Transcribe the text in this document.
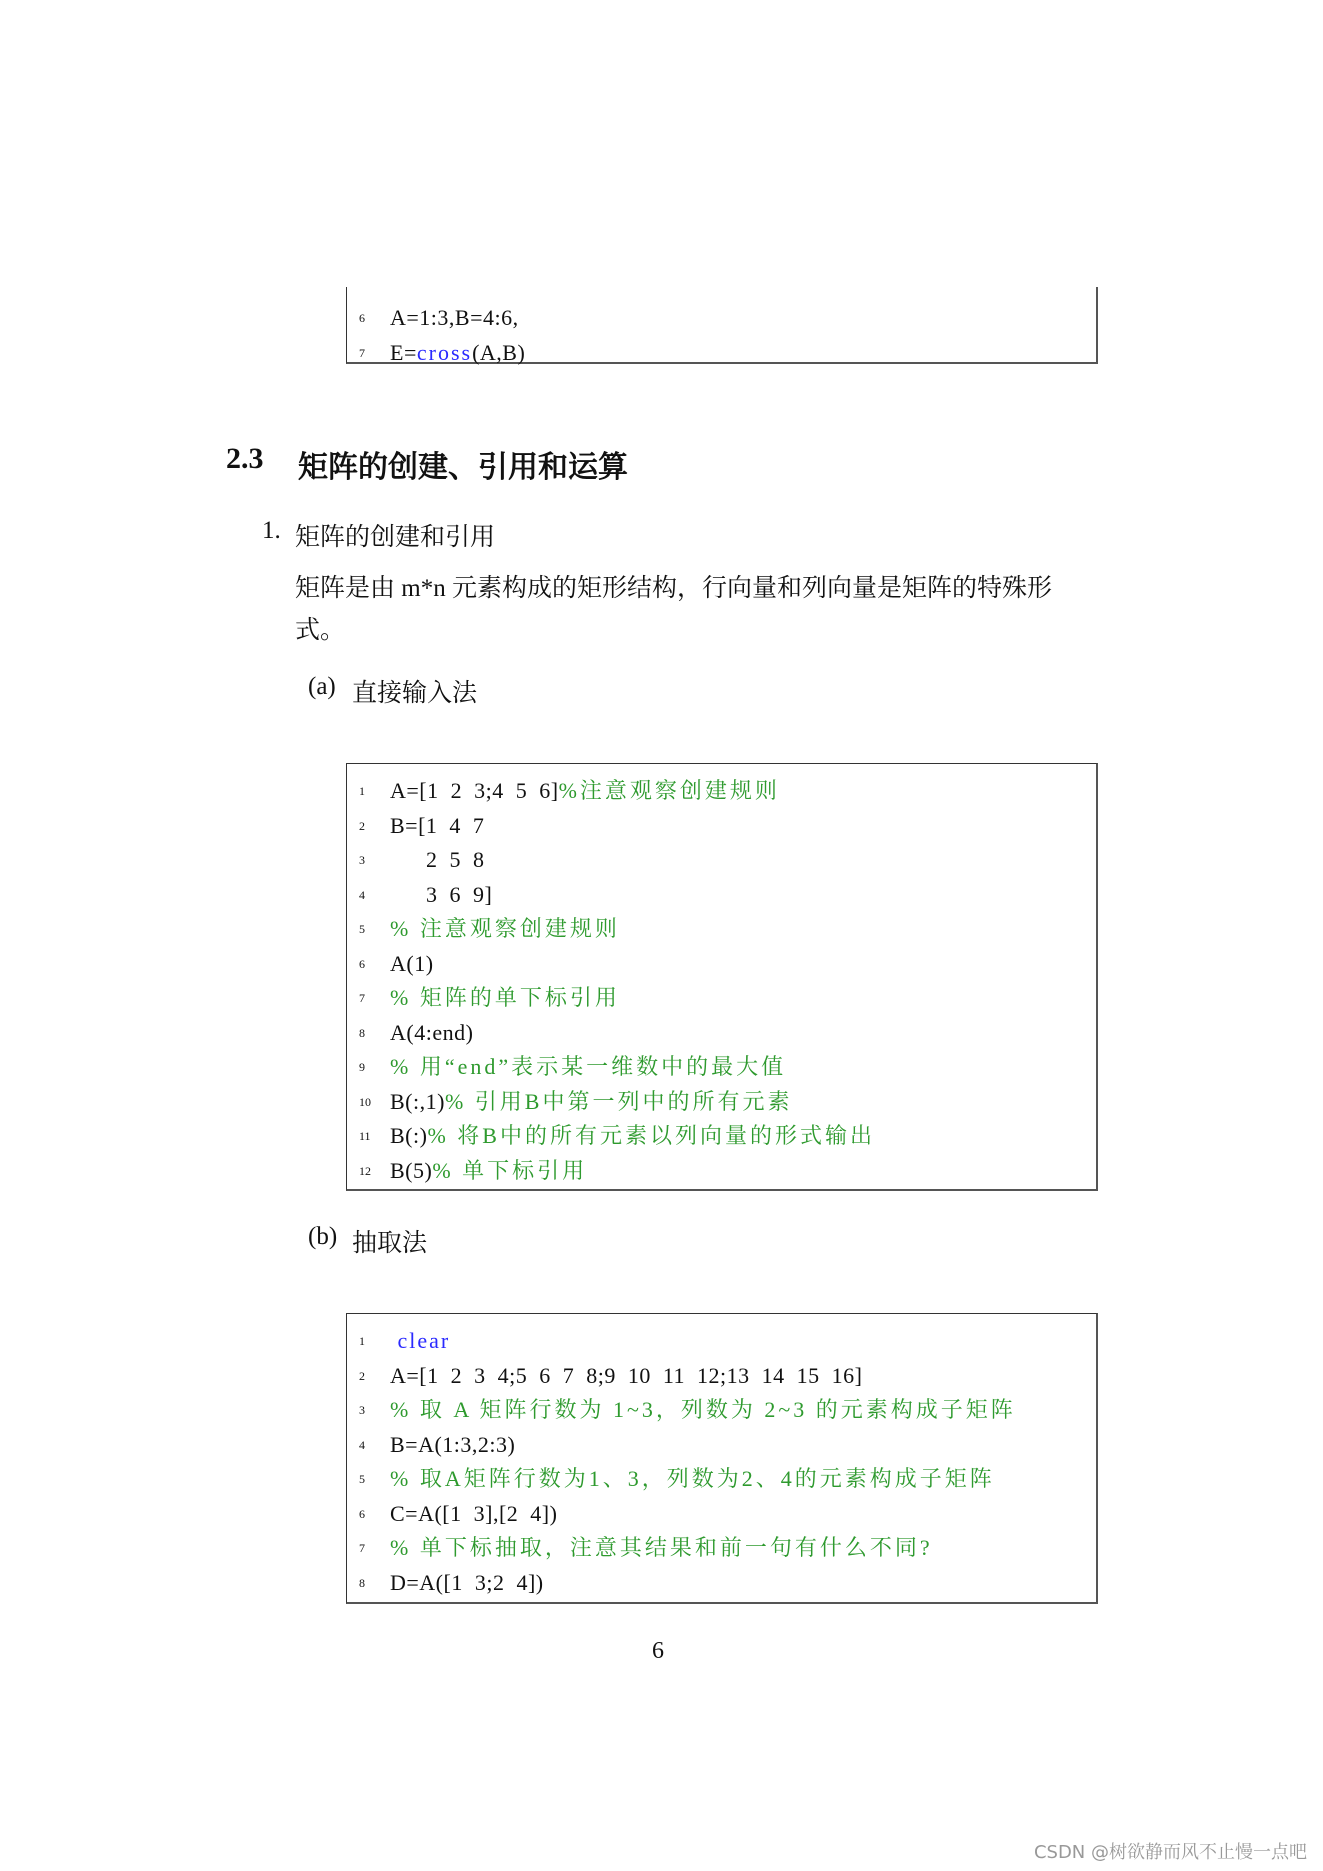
6	A=1:3,B=4:6,
7	E=cross(A,B)
2.3 矩阵的创建、引用和运算
1. 矩阵的创建和引用
矩阵是由 m*n 元素构成的矩形结构，行向量和列向量是矩阵的特殊形
式。
(a) 直接输入法
1	A=[1  2  3;4  5  6]%注意观察创建规则
2	B=[1  4  7
3	2  5  8
4	3  6  9]
5	% 注意观察创建规则
6	A(1)
7	% 矩阵的单下标引用
8	A(4:end)
9	% 用“end”表示某一维数中的最大值
10 B(:,1)% 引用B中第一列中的所有元素
11 B(:)% 将B中的所有元素以列向量的形式输出
12 B(5)% 单下标引用
(b) 抽取法
1	clear
2	A=[1  2  3  4;5  6  7  8;9  10  11  12;13  14  15  16]
3	% 取 A 矩阵行数为 1~3，列数为 2~3 的元素构成子矩阵
4	B=A(1:3,2:3)
5	% 取A矩阵行数为1、3，列数为2、4的元素构成子矩阵
6	C=A([1  3],[2  4])
7	% 单下标抽取，注意其结果和前一句有什么不同?
8	D=A([1  3;2  4])
6
CSDN @树欲静而风不止慢一点吧
